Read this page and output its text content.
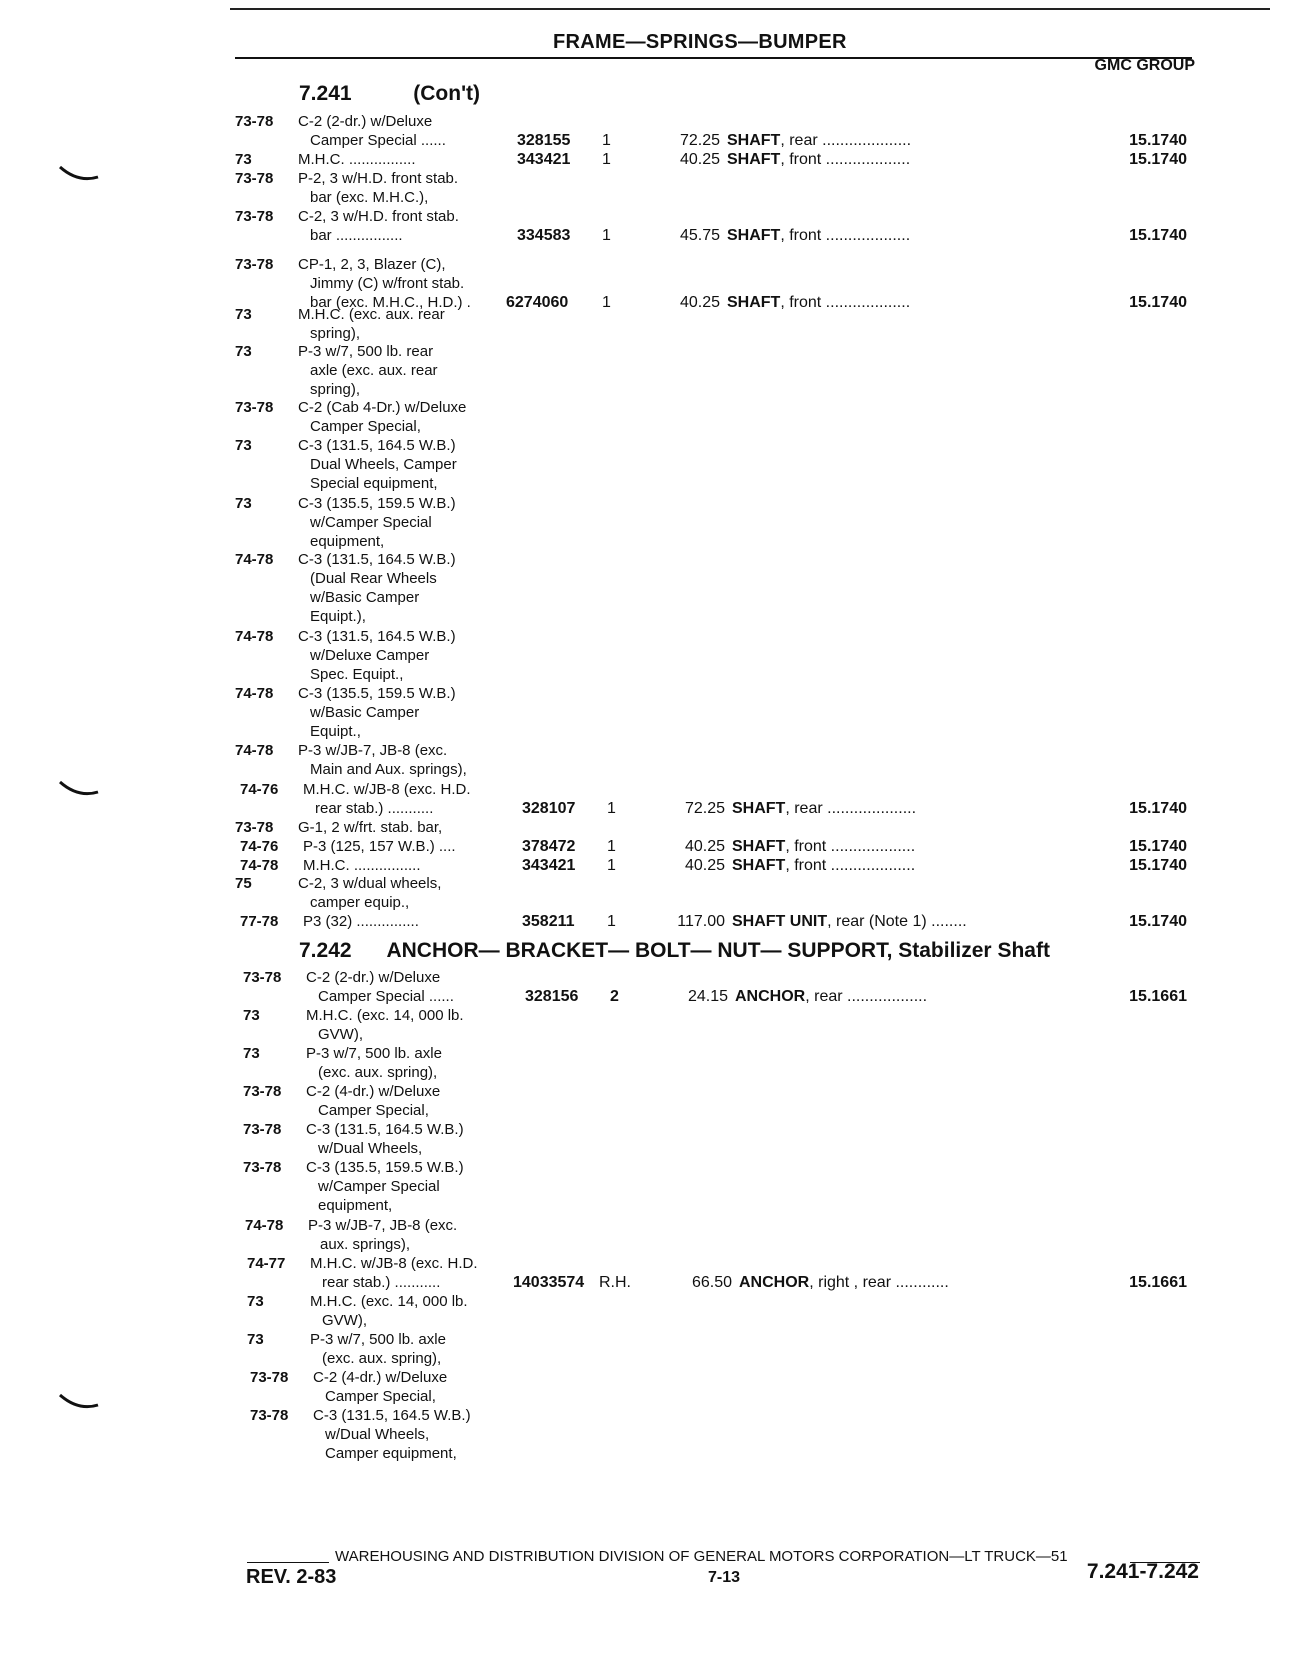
FRAME—SPRINGS—BUMPER
GMC GROUP
7.241	(Con't)
7.242 ANCHOR— BRACKET— BOLT— NUT— SUPPORT, Stabilizer Shaft
73-78	C-2 (2-dr.) w/Deluxe
Camper Special ......	328155 1	72.25 SHAFT, rear ....................	15.1740
73	M.H.C. ................	343421 1	40.25 SHAFT, front ...................	15.1740
73-78	P-2, 3 w/H.D. front stab.
bar (exc. M.H.C.),
73-78	C-2, 3 w/H.D. front stab.
bar ................	334583 1	45.75 SHAFT, front ...................	15.1740
73-78	CP-1, 2, 3, Blazer (C),
Jimmy (C) w/front stab.
bar (exc. M.H.C., H.D.) .	6274060 1	40.25 SHAFT, front ...................	15.1740
73	M.H.C. (exc. aux. rear
spring),
73	P-3 w/7, 500 lb. rear
axle (exc. aux. rear
spring),
73-78	C-2 (Cab 4-Dr.) w/Deluxe
Camper Special,
73	C-3 (131.5, 164.5 W.B.)
Dual Wheels, Camper
Special equipment,
73	C-3 (135.5, 159.5 W.B.)
w/Camper Special
equipment,
74-78	C-3 (131.5, 164.5 W.B.)
(Dual Rear Wheels
w/Basic Camper
Equipt.),
74-78	C-3 (131.5, 164.5 W.B.)
w/Deluxe Camper
Spec. Equipt.,
74-78	C-3 (135.5, 159.5 W.B.)
w/Basic Camper
Equipt.,
74-78	P-3 w/JB-7, JB-8 (exc.
Main and Aux. springs),
74-76	M.H.C. w/JB-8 (exc. H.D.
rear stab.) ...........	328107 1	72.25 SHAFT, rear ....................	15.1740
73-78	G-1, 2 w/frt. stab. bar,
74-76	P-3 (125, 157 W.B.) ....	378472 1	40.25 SHAFT, front ...................	15.1740
74-78	M.H.C. ................	343421 1	40.25 SHAFT, front ...................	15.1740
75	C-2, 3 w/dual wheels,
camper equip.,
77-78	P3 (32) ...............	358211 1	117.00 SHAFT UNIT, rear (Note 1) ........	15.1740
73-78	C-2 (2-dr.) w/Deluxe
Camper Special ......	328156 2	24.15 ANCHOR, rear ..................	15.1661
73	M.H.C. (exc. 14, 000 lb.
GVW),
73	P-3 w/7, 500 lb. axle
(exc. aux. spring),
73-78	C-2 (4-dr.) w/Deluxe
Camper Special,
73-78	C-3 (131.5, 164.5 W.B.)
w/Dual Wheels,
73-78	C-3 (135.5, 159.5 W.B.)
w/Camper Special
equipment,
74-78	P-3 w/JB-7, JB-8 (exc.
aux. springs),
74-77	M.H.C. w/JB-8 (exc. H.D.
rear stab.) ...........	14033574 R.H.	66.50 ANCHOR, right , rear ............	15.1661
73	M.H.C. (exc. 14, 000 lb.
GVW),
73	P-3 w/7, 500 lb. axle
(exc. aux. spring),
73-78	C-2 (4-dr.) w/Deluxe
Camper Special,
73-78	C-3 (131.5, 164.5 W.B.)
w/Dual Wheels,
Camper equipment,
WAREHOUSING AND DISTRIBUTION DIVISION OF GENERAL MOTORS CORPORATION—LT TRUCK—51
REV. 2-83	7-13	7.241-7.242
